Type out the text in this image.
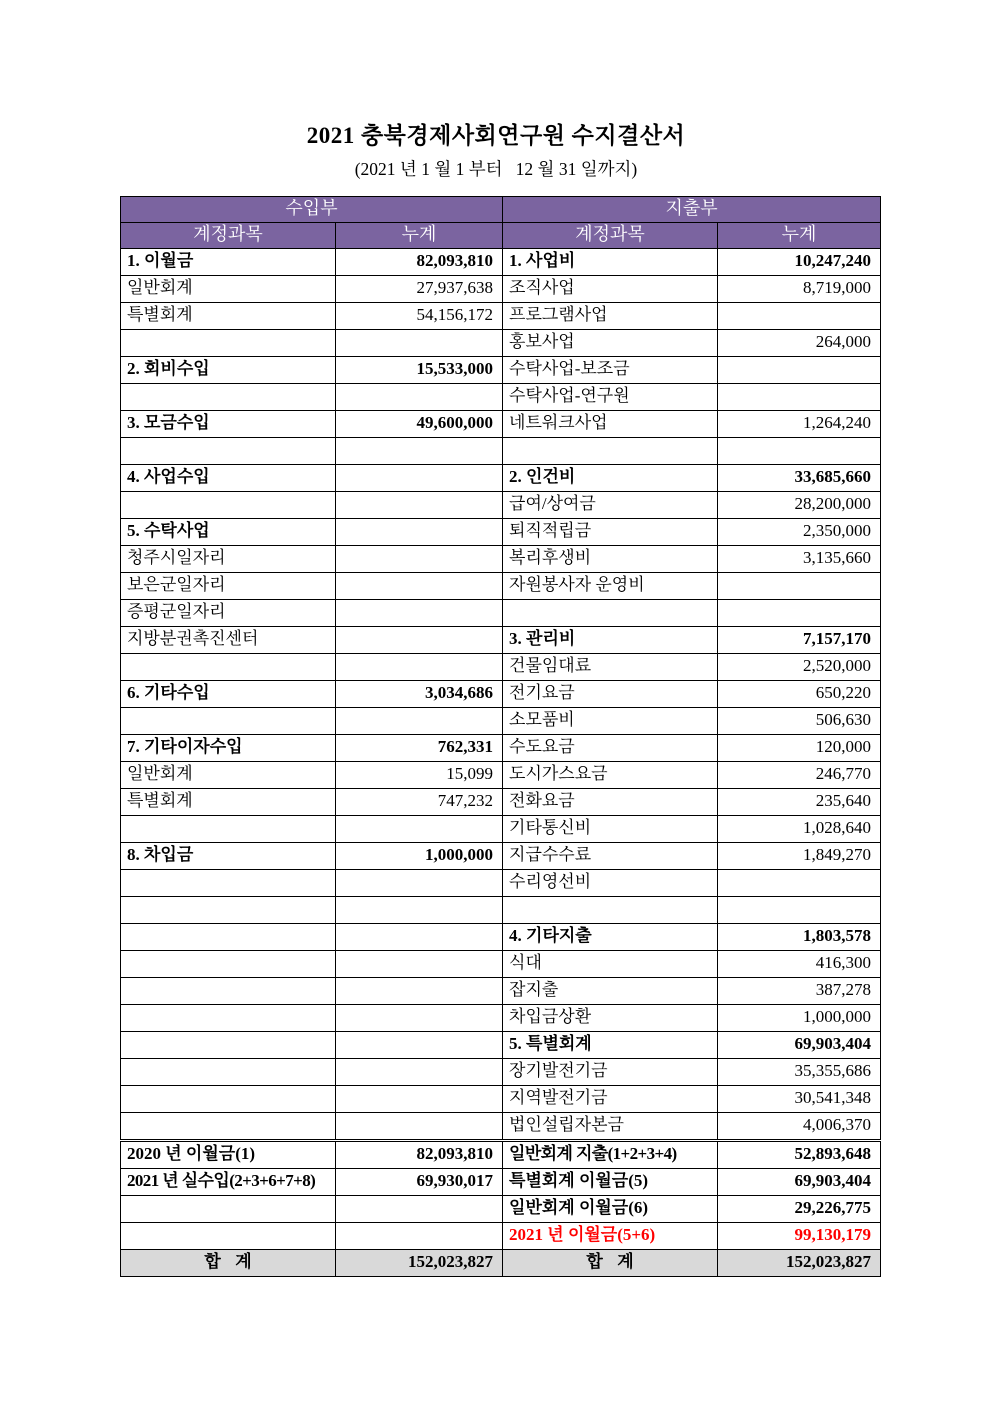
2021 충북경제사회연구원 수지결산서

(2021 년 1 월 1 부터   12 월 31 일까지)

수입부		지출부	
계정과목	누계	계정과목	누계
1. 이월금	82,093,810	1. 사업비	10,247,240
일반회계	27,937,638	조직사업	8,719,000
특별회계	54,156,172	프로그램사업	
		홍보사업	264,000
2. 회비수입	15,533,000	수탁사업-보조금	
		수탁사업-연구원	
3. 모금수입	49,600,000	네트워크사업	1,264,240

4. 사업수입		2. 인건비	33,685,660
		급여/상여금	28,200,000
5. 수탁사업		퇴직적립금	2,350,000
청주시일자리		복리후생비	3,135,660
보은군일자리		자원봉사자 운영비	
증평군일자리			
지방분권촉진센터		3. 관리비	7,157,170
		건물임대료	2,520,000
6. 기타수입	3,034,686	전기요금	650,220
		소모품비	506,630
7. 기타이자수입	762,331	수도요금	120,000
일반회계	15,099	도시가스요금	246,770
특별회계	747,232	전화요금	235,640
		기타통신비	1,028,640
8. 차입금	1,000,000	지급수수료	1,849,270
		수리영선비	

		4. 기타지출	1,803,578
		식대	416,300
		잡지출	387,278
		차입금상환	1,000,000
		5. 특별회계	69,903,404
		장기발전기금	35,355,686
		지역발전기금	30,541,348
		법인설립자본금	4,006,370
2020 년 이월금(1)	82,093,810	일반회계 지출(1+2+3+4)	52,893,648
2021 년 실수입(2+3+6+7+8)	69,930,017	특별회계 이월금(5)	69,903,404
		일반회계 이월금(6)	29,226,775
		2021 년 이월금(5+6)	99,130,179
합  계	152,023,827	합  계	152,023,827
